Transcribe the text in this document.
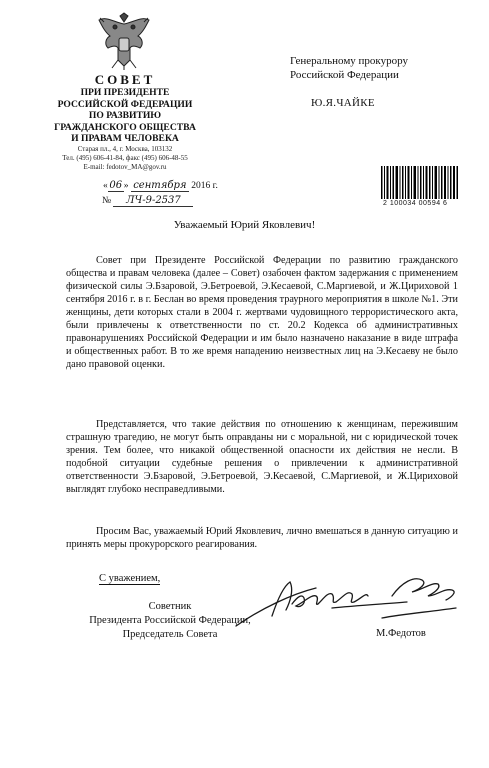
СОВЕТ
ПРИ ПРЕЗИДЕНТЕ
РОССИЙСКОЙ ФЕДЕРАЦИИ
ПО РАЗВИТИЮ
ГРАЖДАНСКОГО ОБЩЕСТВА
И ПРАВАМ ЧЕЛОВЕКА
Старая пл., 4, г. Москва, 103132
Тел. (495) 606-41-84, факс (495) 606-48-55
E-mail: fedotov_MA@gov.ru
« 06 » сентября 2016 г.
№ ЛЧ-9-2537
Генеральному прокурору
Российской Федерации
Ю.Я.ЧАЙКЕ
2 100034 00594 6
Уважаемый Юрий Яковлевич!

Совет при Президенте Российской Федерации по развитию гражданского общества и правам человека (далее – Совет) озабочен фактом задержания с применением физической силы Э.Бзаровой, Э.Бетроевой, Э.Кесаевой, С.Маргиевой, и Ж.Цириховой 1 сентября 2016 г. в г. Беслан во время проведения траурного мероприятия в школе №1. Эти женщины, дети которых стали в 2004 г. жертвами чудовищного террористического акта, были привлечены к ответственности по ст. 20.2 Кодекса об административных правонарушениях Российской Федерации и им было назначено наказание в виде штрафа и общественных работ. В то же время нападению неизвестных лиц на Э.Кесаеву не было дано правовой оценки.

Представляется, что такие действия по отношению к женщинам, пережившим страшную трагедию, не могут быть оправданы ни с моральной, ни с юридической точек зрения. Тем более, что никакой общественной опасности их действия не несли. В подобной ситуации судебные решения о привлечении к административной ответственности Э.Бзаровой, Э.Бетроевой, Э.Кесаевой, С.Маргиевой, и Ж.Цириховой выглядят глубоко несправедливыми.

Просим Вас, уважаемый Юрий Яковлевич, лично вмешаться в данную ситуацию и принять меры прокурорского реагирования.

С уважением,
Советник
Президента Российской Федерации,
Председатель Совета	М.Федотов
